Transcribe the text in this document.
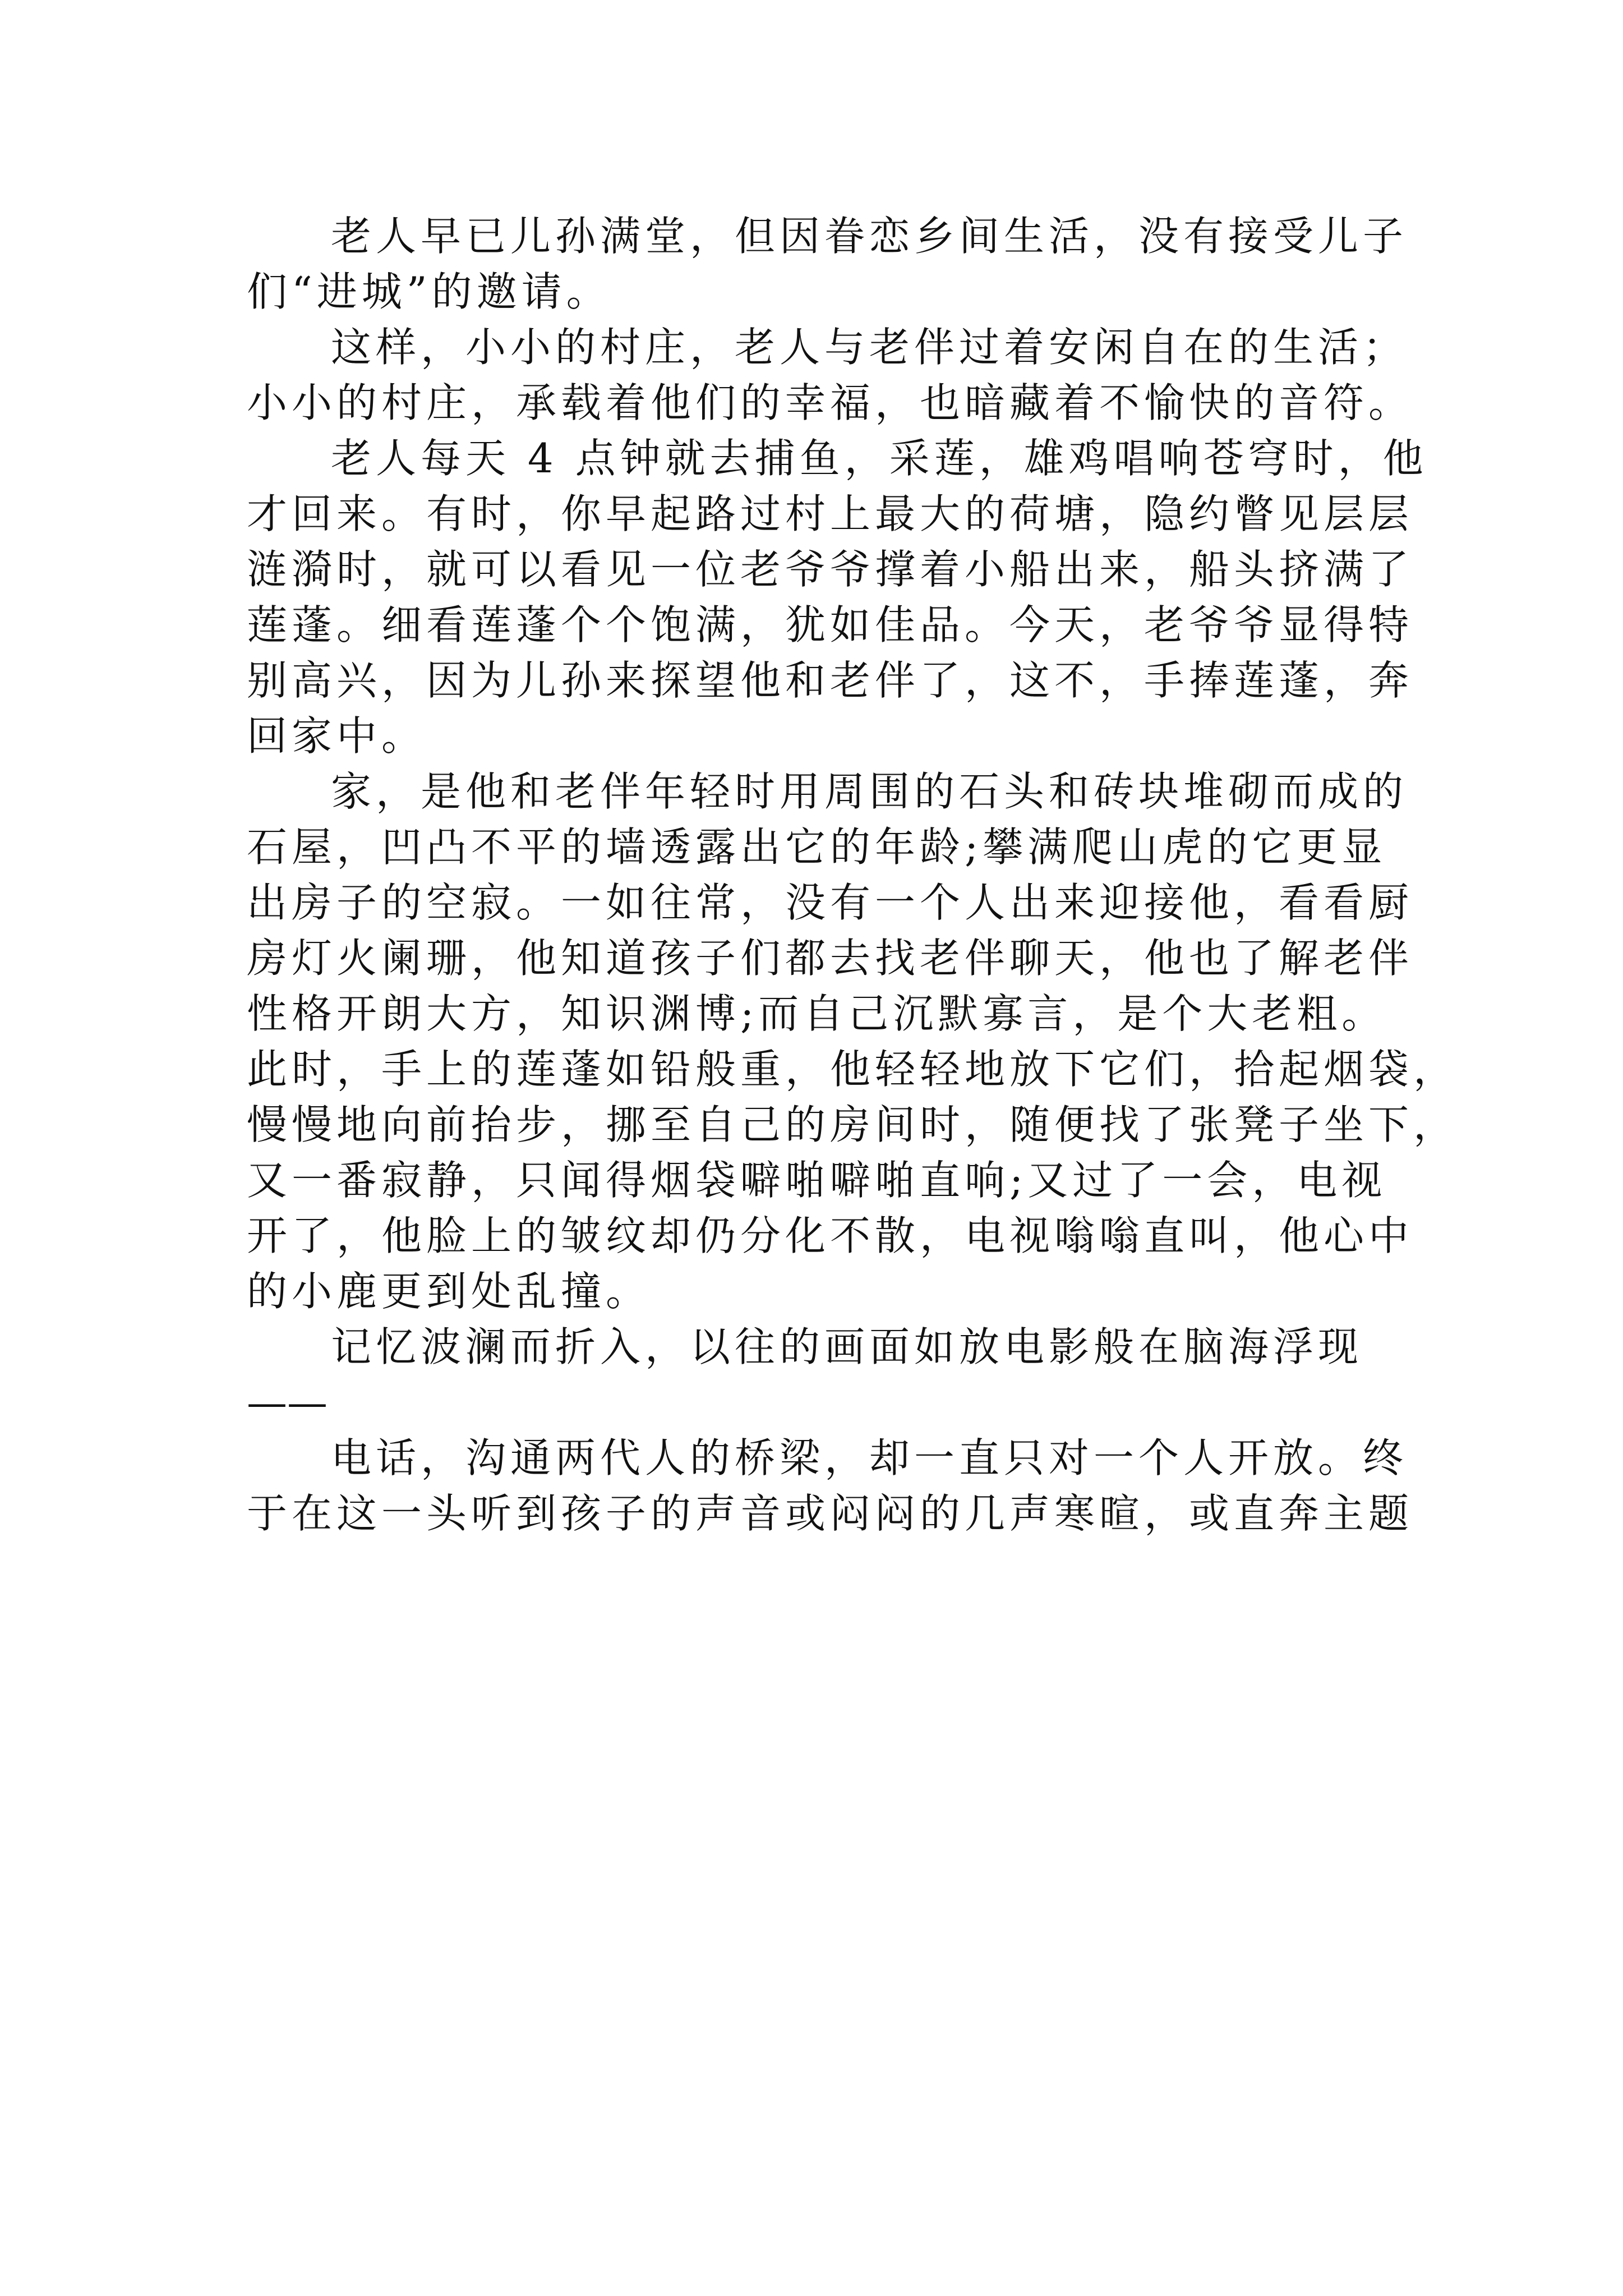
老人早已儿孙满堂，但因眷恋乡间生活，没有接受儿子
们“进城”的邀请。
这样，小小的村庄，老人与老伴过着安闲自在的生活；
小小的村庄，承载着他们的幸福，也暗藏着不愉快的音符。
老人每天 4 点钟就去捕鱼，采莲，雄鸡唱响苍穹时，他
才回来。有时，你早起路过村上最大的荷塘，隐约瞥见层层
涟漪时，就可以看见一位老爷爷撑着小船出来，船头挤满了
莲蓬。细看莲蓬个个饱满，犹如佳品。今天，老爷爷显得特
别高兴，因为儿孙来探望他和老伴了，这不，手捧莲蓬，奔
回家中。
家，是他和老伴年轻时用周围的石头和砖块堆砌而成的
石屋，凹凸不平的墙透露出它的年龄;攀满爬山虎的它更显
出房子的空寂。一如往常，没有一个人出来迎接他，看看厨
房灯火阑珊，他知道孩子们都去找老伴聊天，他也了解老伴
性格开朗大方，知识渊博;而自己沉默寡言，是个大老粗。
此时，手上的莲蓬如铅般重，他轻轻地放下它们，拾起烟袋，
慢慢地向前抬步，挪至自己的房间时，随便找了张凳子坐下，
又一番寂静，只闻得烟袋噼啪噼啪直响;又过了一会，电视
开了，他脸上的皱纹却仍分化不散，电视嗡嗡直叫，他心中
的小鹿更到处乱撞。
记忆波澜而折入，以往的画面如放电影般在脑海浮现
——
电话，沟通两代人的桥梁，却一直只对一个人开放。终
于在这一头听到孩子的声音或闷闷的几声寒暄，或直奔主题
